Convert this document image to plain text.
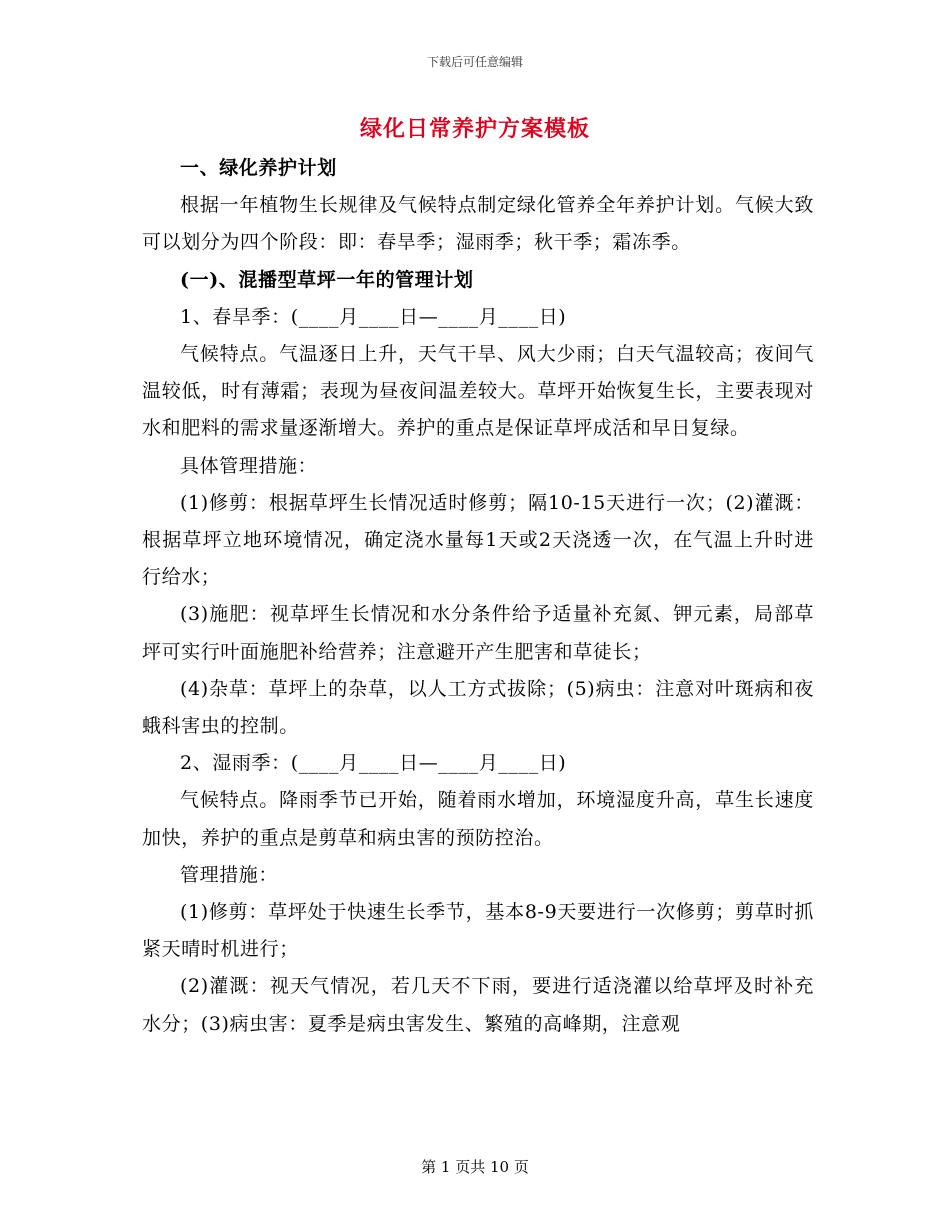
下载后可任意编辑
绿化日常养护方案模板

一、绿化养护计划

根据一年植物生长规律及气候特点制定绿化管养全年养护计划。气候大致可以划分为四个阶段：即：春旱季；湿雨季；秋干季；霜冻季。

(一)、混播型草坪一年的管理计划

1、春旱季：(____月____日—____月____日)

气候特点。气温逐日上升，天气干旱、风大少雨；白天气温较高；夜间气温较低，时有薄霜；表现为昼夜间温差较大。草坪开始恢复生长，主要表现对水和肥料的需求量逐渐增大。养护的重点是保证草坪成活和早日复绿。

具体管理措施：

(1)修剪：根据草坪生长情况适时修剪；隔10-15天进行一次；(2)灌溉：根据草坪立地环境情况，确定浇水量每1天或2天浇透一次，在气温上升时进行给水；

(3)施肥：视草坪生长情况和水分条件给予适量补充氮、钾元素，局部草坪可实行叶面施肥补给营养；注意避开产生肥害和草徒长；

(4)杂草：草坪上的杂草，以人工方式拔除；(5)病虫：注意对叶斑病和夜蛾科害虫的控制。

2、湿雨季：(____月____日—____月____日)

气候特点。降雨季节已开始，随着雨水增加，环境湿度升高，草生长速度加快，养护的重点是剪草和病虫害的预防控治。

管理措施：

(1)修剪：草坪处于快速生长季节，基本8-9天要进行一次修剪；剪草时抓紧天晴时机进行；

(2)灌溉：视天气情况，若几天不下雨，要进行适浇灌以给草坪及时补充水分；(3)病虫害：夏季是病虫害发生、繁殖的高峰期，注意观

第 1 页共 10 页
